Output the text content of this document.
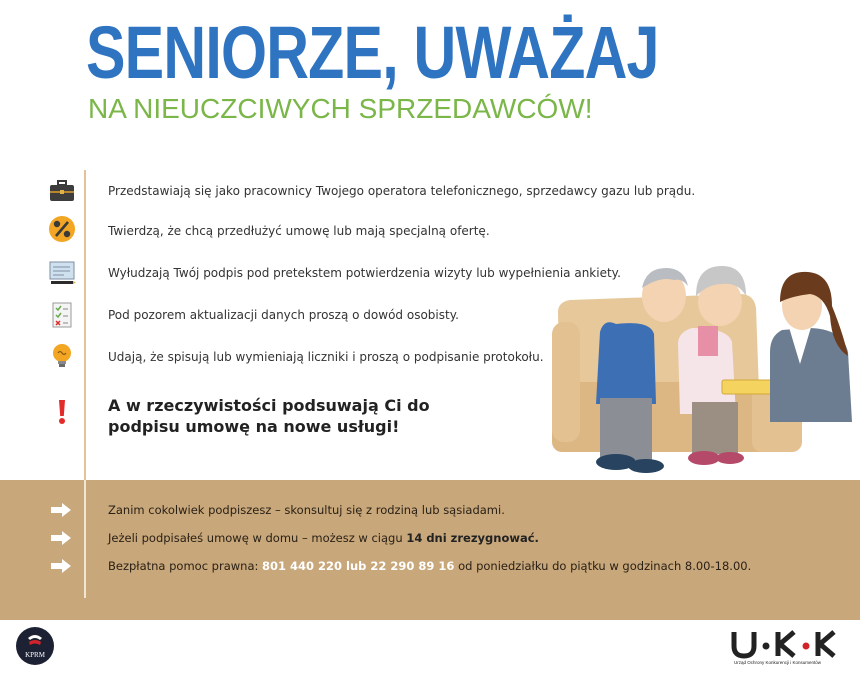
SENIORZE, UWAŻAJ
NA NIEUCZCIWYCH SPRZEDAWCÓW!
Przedstawiają się jako pracownicy Twojego operatora telefonicznego, sprzedawcy gazu lub prądu.
Twierdzą, że chcą przedłużyć umowę lub mają specjalną ofertę.
Wyłudzają Twój podpis pod pretekstem potwierdzenia wizyty lub wypełnienia ankiety.
Pod pozorem aktualizacji danych proszą o dowód osobisty.
Udają, że spisują lub wymieniają liczniki i proszą o podpisanie protokołu.
A w rzeczywistości podsuwają Ci do
podpisu umowę na nowe usługi!
Zanim cokolwiek podpiszesz – skonsultuj się z rodziną lub sąsiadami.
Jeżeli podpisałeś umowę w domu – możesz w ciągu 14 dni zrezygnować.
Bezpłatna pomoc prawna: 801 440 220 lub 22 290 89 16 od poniedziałku do piątku w godzinach 8.00-18.00.
KPRM
Urząd Ochrony Konkurencji i Konsumentów
